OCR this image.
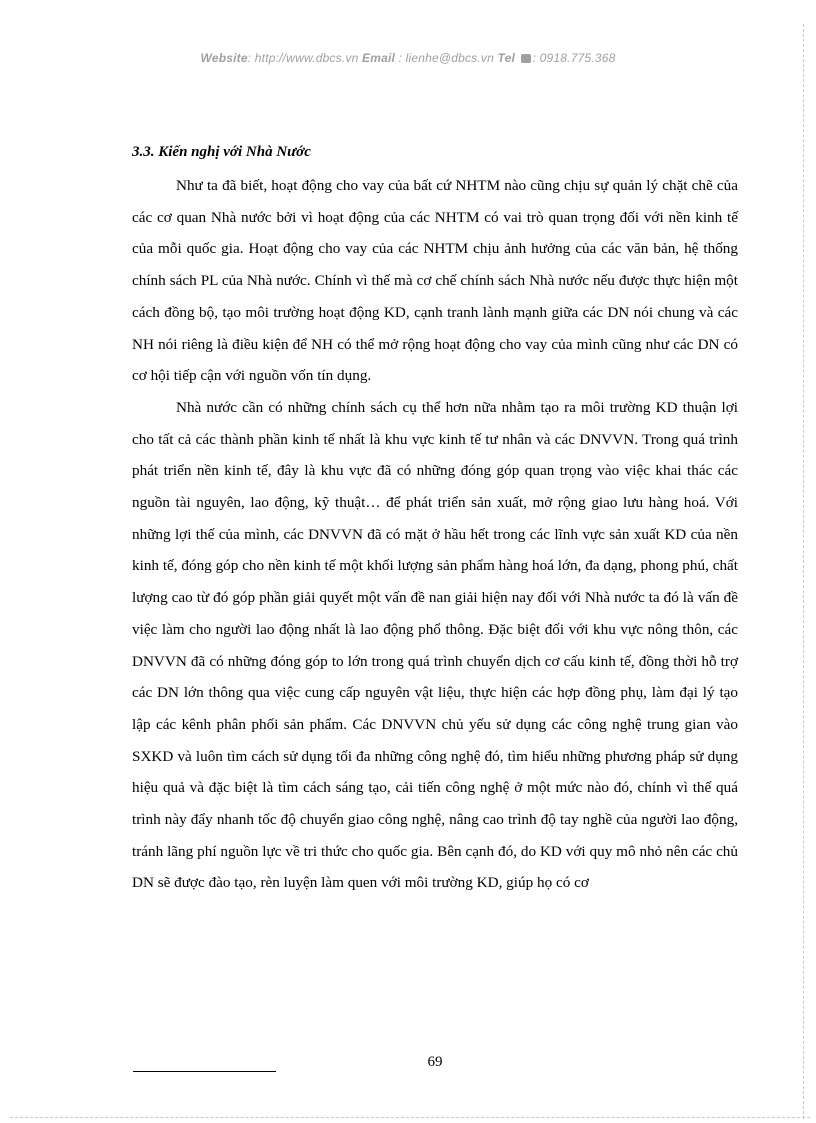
Website: http://www.dbcs.vn Email : lienhe@dbcs.vn Tel : 0918.775.368
3.3. Kiến nghị với Nhà Nước

Như ta đã biết, hoạt động cho vay của bất cứ NHTM nào cũng chịu sự quản lý chặt chẽ của các cơ quan Nhà nước bởi vì hoạt động của các NHTM có vai trò quan trọng đối với nền kinh tế của mỗi quốc gia. Hoạt động cho vay của các NHTM chịu ảnh hưởng của các văn bản, hệ thống chính sách PL của Nhà nước. Chính vì thế mà cơ chế chính sách Nhà nước nếu được thực hiện một cách đồng bộ, tạo môi trường hoạt động KD, cạnh tranh lành mạnh giữa các DN nói chung và các NH nói riêng là điều kiện để NH có thể mở rộng hoạt động cho vay của mình cũng như các DN có cơ hội tiếp cận với nguồn vốn tín dụng.

Nhà nước cần có những chính sách cụ thể hơn nữa nhằm tạo ra môi trường KD thuận lợi cho tất cả các thành phần kinh tế nhất là khu vực kinh tế tư nhân và các DNVVN. Trong quá trình phát triển nền kinh tế, đây là khu vực đã có những đóng góp quan trọng vào việc khai thác các nguồn tài nguyên, lao động, kỹ thuật… để phát triển sản xuất, mở rộng giao lưu hàng hoá. Với những lợi thế của mình, các DNVVN đã có mặt ở hầu hết trong các lĩnh vực sản xuất KD của nền kinh tế, đóng góp cho nền kinh tế một khối lượng sản phẩm hàng hoá lớn, đa dạng, phong phú, chất lượng cao từ đó góp phần giải quyết một vấn đề nan giải hiện nay đối với Nhà nước ta đó là vấn đề việc làm cho người lao động nhất là lao động phổ thông. Đặc biệt đối với khu vực nông thôn, các DNVVN đã có những đóng góp to lớn trong quá trình chuyển dịch cơ cấu kinh tế, đồng thời hỗ trợ các DN lớn thông qua việc cung cấp nguyên vật liệu, thực hiện các hợp đồng phụ, làm đại lý tạo lập các kênh phân phối sản phẩm. Các DNVVN chủ yếu sử dụng các công nghệ trung gian vào SXKD và luôn tìm cách sử dụng tối đa những công nghệ đó, tìm hiểu những phương pháp sử dụng hiệu quả và đặc biệt là tìm cách sáng tạo, cải tiến công nghệ ở một mức nào đó, chính vì thế quá trình này đẩy nhanh tốc độ chuyển giao công nghệ, nâng cao trình độ tay nghề của người lao động, tránh lãng phí nguồn lực về tri thức cho quốc gia. Bên cạnh đó, do KD với quy mô nhỏ nên các chủ DN sẽ được đào tạo, rèn luyện làm quen với môi trường KD, giúp họ có cơ

69
